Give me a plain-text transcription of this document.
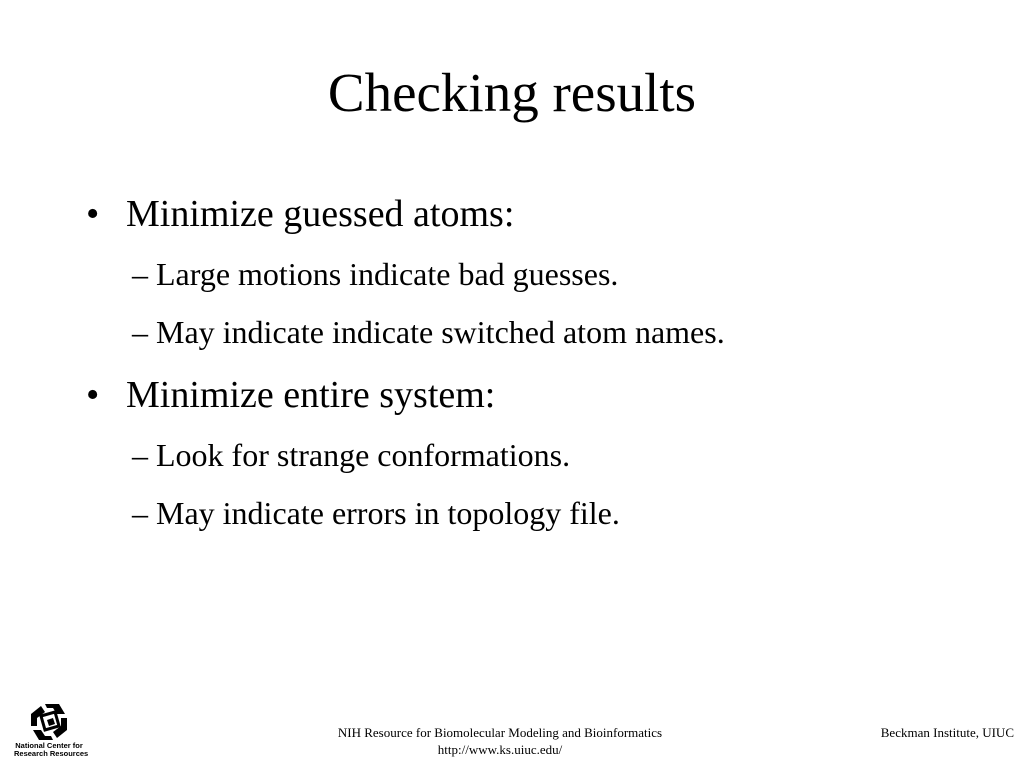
Checking results
• Minimize guessed atoms:
– Large motions indicate bad guesses.
– May indicate indicate switched atom names.
• Minimize entire system:
– Look for strange conformations.
– May indicate errors in topology file.
National Center for
Research Resources
NIH Resource for Biomolecular Modeling and Bioinformatics
http://www.ks.uiuc.edu/
Beckman Institute, UIUC
